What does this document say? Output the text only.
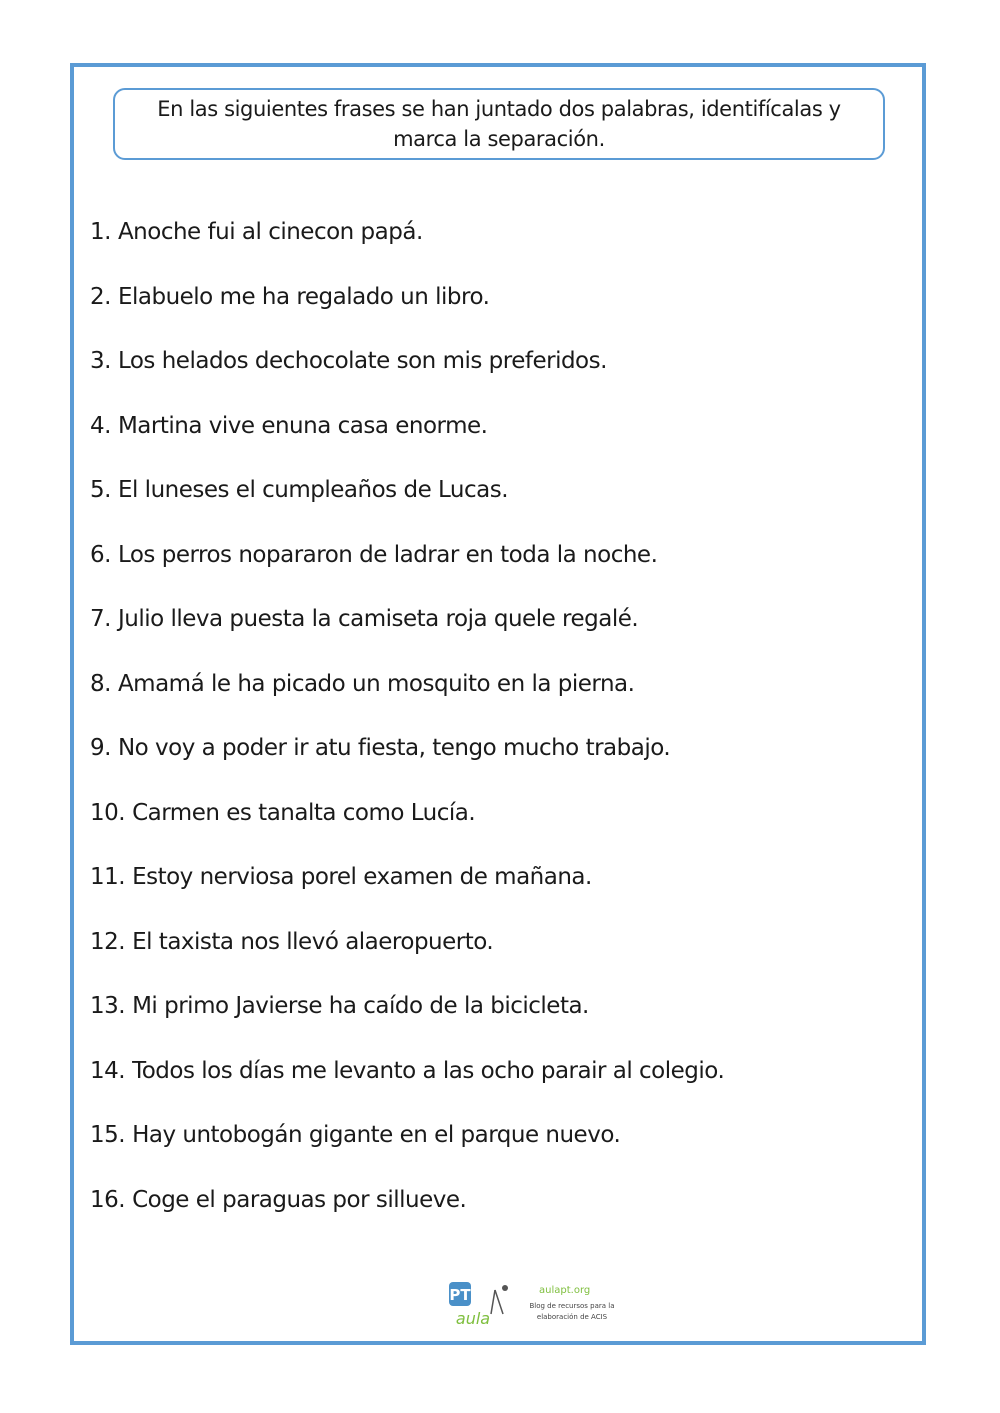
En las siguientes frases se han juntado dos palabras, identifícalas y
marca la separación.
1. Anoche fui al cinecon papá.
2. Elabuelo me ha regalado un libro.
3. Los helados dechocolate son mis preferidos.
4. Martina vive enuna casa enorme.
5. El luneses el cumpleaños de Lucas.
6. Los perros nopararon de ladrar en toda la noche.
7. Julio lleva puesta la camiseta roja quele regalé.
8. Amamá le ha picado un mosquito en la pierna.
9. No voy a poder ir atu fiesta, tengo mucho trabajo.
10. Carmen es tanalta como Lucía.
11. Estoy nerviosa porel examen de mañana.
12. El taxista nos llevó alaeropuerto.
13. Mi primo Javierse ha caído de la bicicleta.
14. Todos los días me levanto a las ocho parair al colegio.
15. Hay untobogán gigante en el parque nuevo.
16. Coge el paraguas por sillueve.
PT
aula
aulapt.org
Blog de recursos para la elaboración de ACIS
